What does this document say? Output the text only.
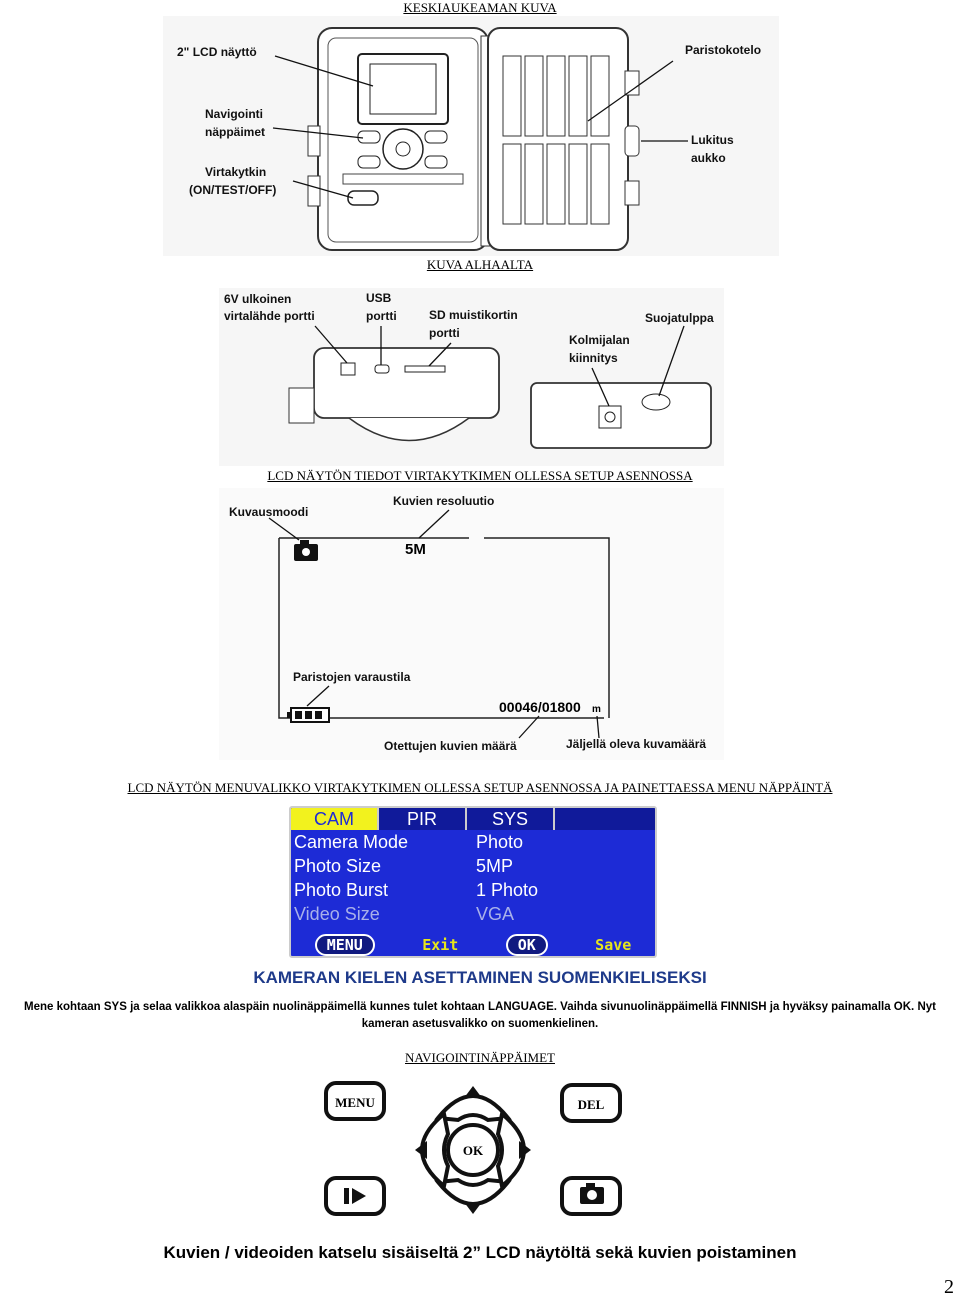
KESKIAUKEAMAN KUVA
2" LCD näyttö
Navigointi
näppäimet
Virtakytkin
(ON/TEST/OFF)
Paristokotelo
Lukitus
aukko
KUVA ALHAALTA
6V ulkoinen
virtalähde portti
USB
portti	SD muistikortin
portti	Kolmijalan
kiinnitys
Suojatulppa
LCD NÄYTÖN TIEDOT VIRTAKYTKIMEN OLLESSA SETUP ASENNOSSA
Kuvausmoodi
Kuvien resoluutio
5M
Paristojen varaustila
00046/01800 m
Otettujen kuvien määrä	Jäljellä oleva kuvamäärä
LCD NÄYTÖN MENUVALIKKO VIRTAKYTKIMEN OLLESSA SETUP ASENNOSSA JA PAINETTAESSA MENU NÄPPÄINTÄ
CAM	PIR	SYS
Camera Mode	Photo
Photo Size	5MP
Photo Burst	1 Photo
Video Size	VGA
MENU	Exit	OK	Save
KAMERAN KIELEN ASETTAMINEN SUOMENKIELISEKSI
Mene kohtaan SYS ja selaa valikkoa alaspäin nuolinäppäimellä kunnes tulet kohtaan LANGUAGE. Vaihda sivunuolinäppäimellä FINNISH ja hyväksy painamalla OK. Nyt
kameran asetusvalikko on suomenkielinen.
NAVIGOINTINÄPPÄIMET
MENU	DEL
OK
Kuvien / videoiden katselu sisäiseltä 2” LCD näytöltä sekä kuvien poistaminen
2
